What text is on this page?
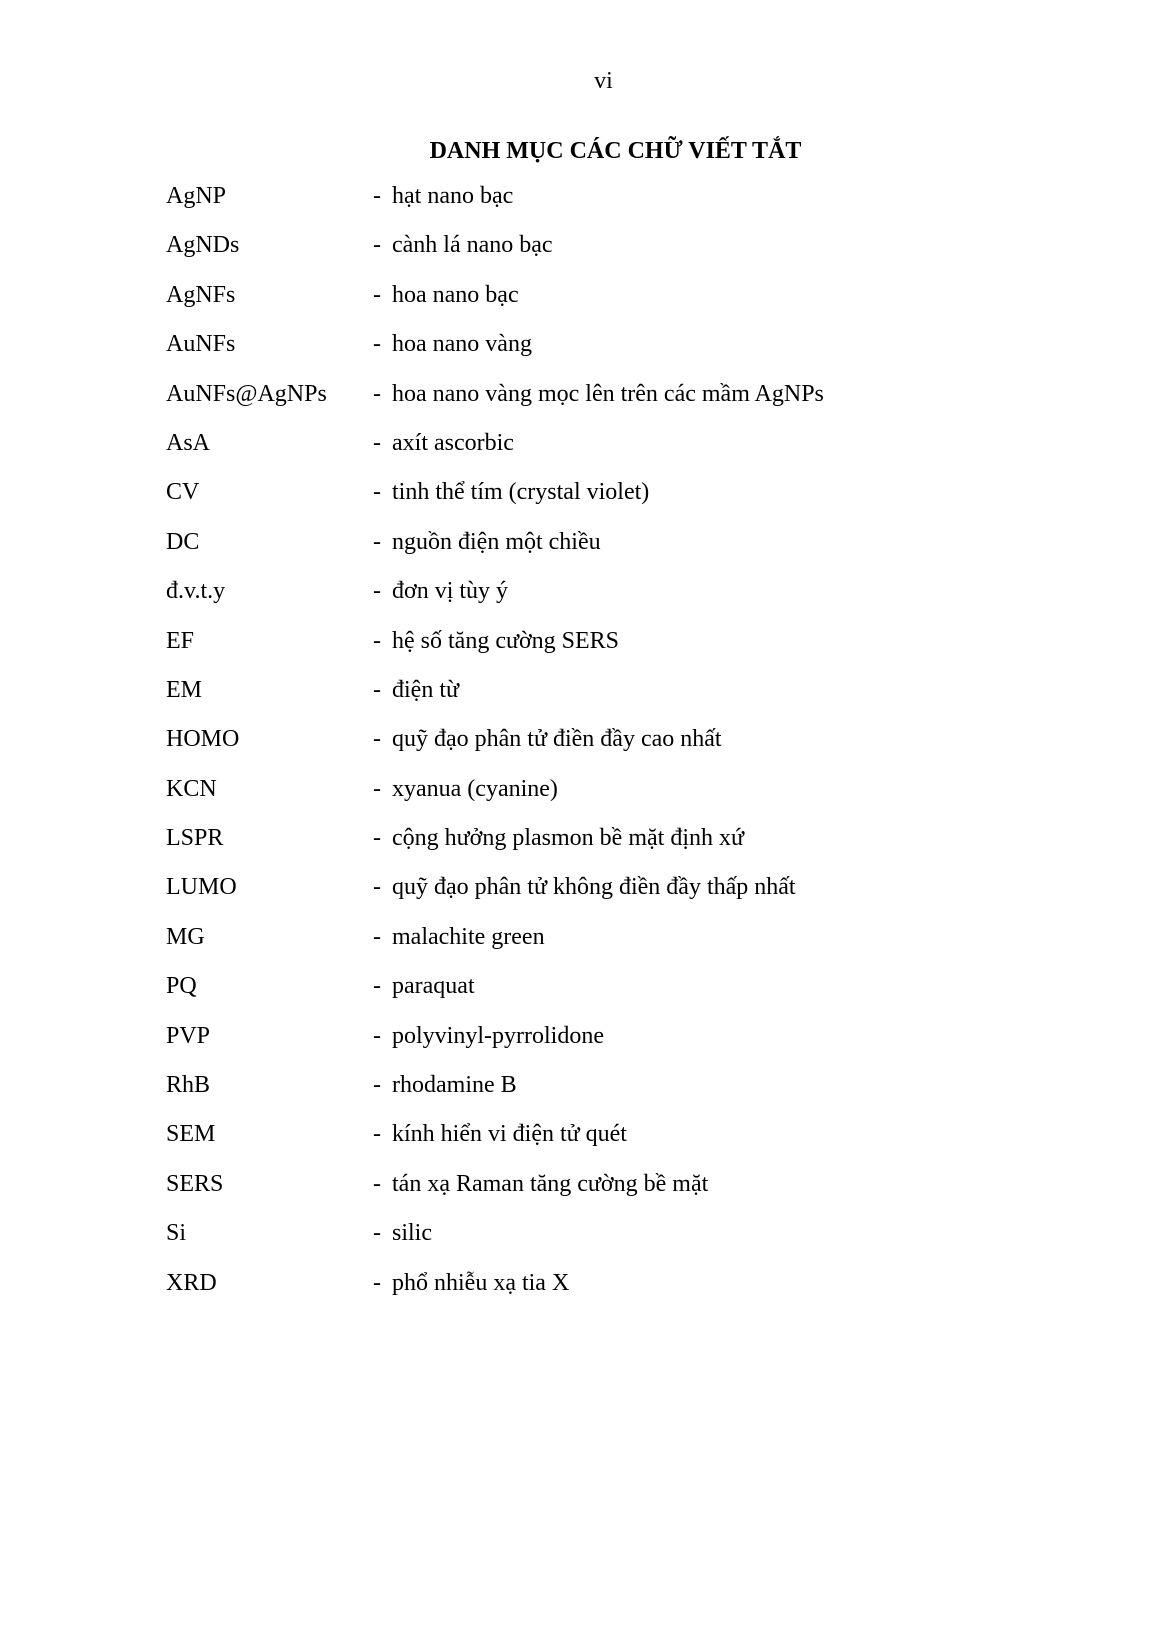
vi
DANH MỤC CÁC CHỮ VIẾT TẮT
AgNP	- hạt nano bạc
AgNDs	- cành lá nano bạc
AgNFs	- hoa nano bạc
AuNFs	- hoa nano vàng
AuNFs@AgNPs	- hoa nano vàng mọc lên trên các mầm AgNPs
AsA	- axít ascorbic
CV	- tinh thể tím (crystal violet)
DC	- nguồn điện một chiều
đ.v.t.y	- đơn vị tùy ý
EF	- hệ số tăng cường SERS
EM	- điện từ
HOMO	- quỹ đạo phân tử điền đầy cao nhất
KCN	- xyanua (cyanine)
LSPR	- cộng hưởng plasmon bề mặt định xứ
LUMO	- quỹ đạo phân tử không điền đầy thấp nhất
MG	- malachite green
PQ	- paraquat
PVP	- polyvinyl-pyrrolidone
RhB	- rhodamine B
SEM	- kính hiển vi điện tử quét
SERS	- tán xạ Raman tăng cường bề mặt
Si	- silic
XRD	- phổ nhiễu xạ tia X
